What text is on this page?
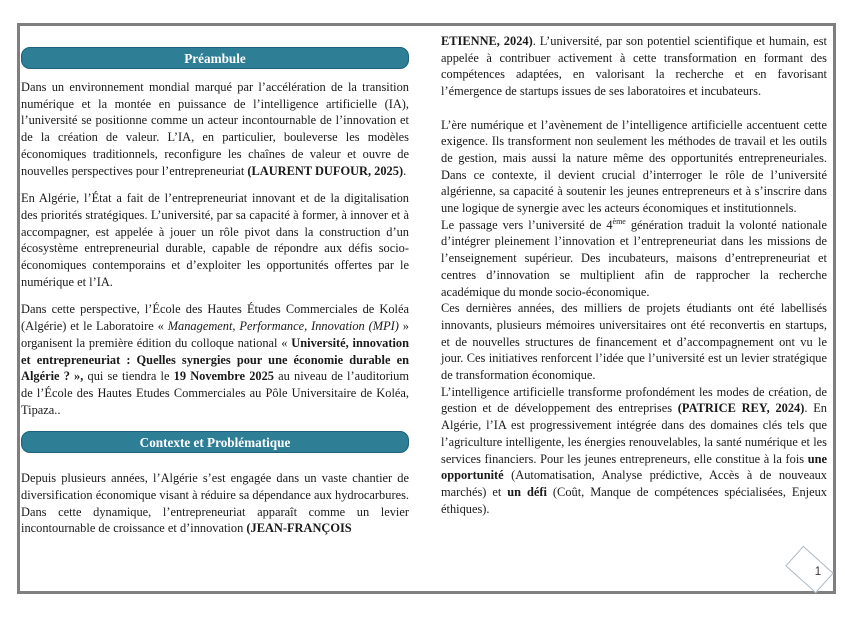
Préambule

Dans un environnement mondial marqué par l’accélération de la transition numérique et la montée en puissance de l’intelligence artificielle (IA), l’université se positionne comme un acteur incontournable de l’innovation et de la création de valeur. L’IA, en particulier, bouleverse les modèles économiques traditionnels, reconfigure les chaînes de valeur et ouvre de nouvelles perspectives pour l’entrepreneuriat (LAURENT DUFOUR, 2025).

En Algérie, l’État a fait de l’entrepreneuriat innovant et de la digitalisation des priorités stratégiques. L’université, par sa capacité à former, à innover et à accompagner, est appelée à jouer un rôle pivot dans la construction d’un écosystème entrepreneurial durable, capable de répondre aux défis socio-économiques contemporains et d’exploiter les opportunités offertes par le numérique et l’IA.

Dans cette perspective, l’École des Hautes Études Commerciales de Koléa (Algérie) et le Laboratoire « Management, Performance, Innovation (MPI) » organisent la première édition du colloque national « Université, innovation et entrepreneuriat : Quelles synergies pour une économie durable en Algérie ? », qui se tiendra le 19 Novembre 2025 au niveau de l’auditorium de l’École des Hautes Etudes Commerciales au Pôle Universitaire de Koléa, Tipaza..

Contexte et Problématique

Depuis plusieurs années, l’Algérie s’est engagée dans un vaste chantier de diversification économique visant à réduire sa dépendance aux hydrocarbures. Dans cette dynamique, l’entrepreneuriat apparaît comme un levier incontournable de croissance et d’innovation (JEAN-FRANÇOIS

ETIENNE, 2024). L’université, par son potentiel scientifique et humain, est appelée à contribuer activement à cette transformation en formant des compétences adaptées, en valorisant la recherche et en favorisant l’émergence de startups issues de ses laboratoires et incubateurs.

L’ère numérique et l’avènement de l’intelligence artificielle accentuent cette exigence. Ils transforment non seulement les méthodes de travail et les outils de gestion, mais aussi la nature même des opportunités entrepreneuriales. Dans ce contexte, il devient crucial d’interroger le rôle de l’université algérienne, sa capacité à soutenir les jeunes entrepreneurs et à s’inscrire dans une logique de synergie avec les acteurs économiques et institutionnels.

Le passage vers l’université de 4ème génération traduit la volonté nationale d’intégrer pleinement l’innovation et l’entrepreneuriat dans les missions de l’enseignement supérieur. Des incubateurs, maisons d’entrepreneuriat et centres d’innovation se multiplient afin de rapprocher la recherche académique du monde socio-économique.

Ces dernières années, des milliers de projets étudiants ont été labellisés innovants, plusieurs mémoires universitaires ont été reconvertis en startups, et de nouvelles structures de financement et d’accompagnement ont vu le jour. Ces initiatives renforcent l’idée que l’université est un levier stratégique de transformation économique.

L’intelligence artificielle transforme profondément les modes de création, de gestion et de développement des entreprises (PATRICE REY, 2024). En Algérie, l’IA est progressivement intégrée dans des domaines clés tels que l’agriculture intelligente, les énergies renouvelables, la santé numérique et les services financiers. Pour les jeunes entrepreneurs, elle constitue à la fois une opportunité (Automatisation, Analyse prédictive, Accès à de nouveaux marchés) et un défi (Coût, Manque de compétences spécialisées, Enjeux éthiques).

1
